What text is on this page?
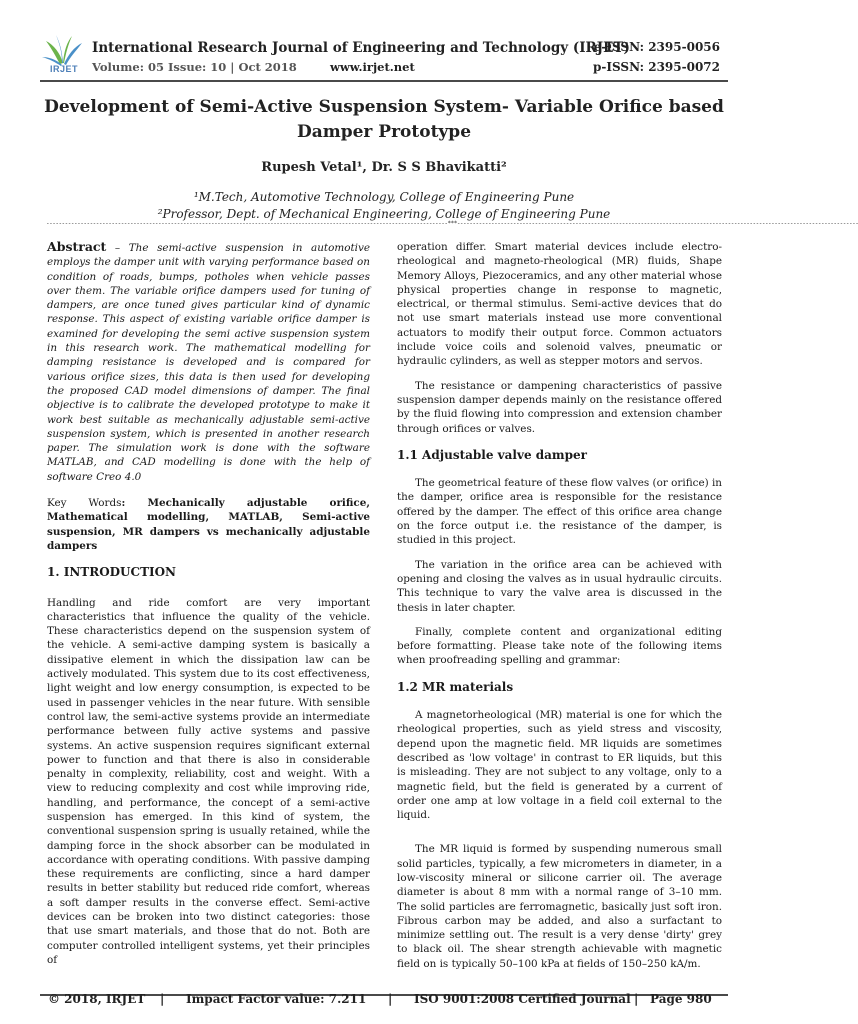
IRJET
International Research Journal of Engineering and Technology (IRJET)
Volume: 05 Issue: 10 | Oct 2018	www.irjet.net
e-ISSN: 2395-0056
p-ISSN: 2395-0072
Development of Semi-Active Suspension System- Variable Orifice based Damper Prototype
Rupesh Vetal¹, Dr. S S Bhavikatti²
¹M.Tech, Automotive Technology, College of Engineering Pune
²Professor, Dept. of Mechanical Engineering, College of Engineering Pune
---------------------------------------------------------------------------------------------------------------------------------***---------------------------------------------------------------------------------------------------------------------------------

Abstract – The semi-active suspension in automotive employs the damper unit with varying performance based on condition of roads, bumps, potholes when vehicle passes over them. The variable orifice dampers used for tuning of dampers, are once tuned gives particular kind of dynamic response. This aspect of existing variable orifice damper is examined for developing the semi active suspension system in this research work. The mathematical modelling for damping resistance is developed and is compared for various orifice sizes, this data is then used for developing the proposed CAD model dimensions of damper. The final objective is to calibrate the developed prototype to make it work best suitable as mechanically adjustable semi-active suspension system, which is presented in another research paper. The simulation work is done with the software MATLAB, and CAD modelling is done with the help of software Creo 4.0

Key Words: Mechanically adjustable orifice, Mathematical modelling, MATLAB, Semi-active suspension, MR dampers vs mechanically adjustable dampers

1. INTRODUCTION

Handling and ride comfort are very important characteristics that influence the quality of the vehicle. These characteristics depend on the suspension system of the vehicle. A semi-active damping system is basically a dissipative element in which the dissipation law can be actively modulated. This system due to its cost effectiveness, light weight and low energy consumption, is expected to be used in passenger vehicles in the near future. With sensible control law, the semi-active systems provide an intermediate performance between fully active systems and passive systems. An active suspension requires significant external power to function and that there is also in considerable penalty in complexity, reliability, cost and weight. With a view to reducing complexity and cost while improving ride, handling, and performance, the concept of a semi-active suspension has emerged. In this kind of system, the conventional suspension spring is usually retained, while the damping force in the shock absorber can be modulated in accordance with operating conditions. With passive damping these requirements are conflicting, since a hard damper results in better stability but reduced ride comfort, whereas a soft damper results in the converse effect. Semi-active devices can be broken into two distinct categories: those that use smart materials, and those that do not. Both are computer controlled intelligent systems, yet their principles of

operation differ. Smart material devices include electro-rheological and magneto-rheological (MR) fluids, Shape Memory Alloys, Piezoceramics, and any other material whose physical properties change in response to magnetic, electrical, or thermal stimulus. Semi-active devices that do not use smart materials instead use more conventional actuators to modify their output force. Common actuators include voice coils and solenoid valves, pneumatic or hydraulic cylinders, as well as stepper motors and servos.

The resistance or dampening characteristics of passive suspension damper depends mainly on the resistance offered by the fluid flowing into compression and extension chamber through orifices or valves.

1.1 Adjustable valve damper

The geometrical feature of these flow valves (or orifice) in the damper, orifice area is responsible for the resistance offered by the damper. The effect of this orifice area change on the force output i.e. the resistance of the damper, is studied in this project.

The variation in the orifice area can be achieved with opening and closing the valves as in usual hydraulic circuits. This technique to vary the valve area is discussed in the thesis in later chapter.

Finally, complete content and organizational editing before formatting. Please take note of the following items when proofreading spelling and grammar:

1.2 MR materials

A magnetorheological (MR) material is one for which the rheological properties, such as yield stress and viscosity, depend upon the magnetic field. MR liquids are sometimes described as 'low voltage' in contrast to ER liquids, but this is misleading. They are not subject to any voltage, only to a magnetic field, but the field is generated by a current of order one amp at low voltage in a field coil external to the liquid.

The MR liquid is formed by suspending numerous small solid particles, typically, a few micrometers in diameter, in a low-viscosity mineral or silicone carrier oil. The average diameter is about 8 mm with a normal range of 3–10 mm. The solid particles are ferromagnetic, basically just soft iron. Fibrous carbon may be added, and also a surfactant to minimize settling out. The result is a very dense 'dirty' grey to black oil. The shear strength achievable with magnetic field on is typically 50–100 kPa at fields of 150–250 kA/m.

© 2018, IRJET | Impact Factor value: 7.211 | ISO 9001:2008 Certified Journal | Page 980
